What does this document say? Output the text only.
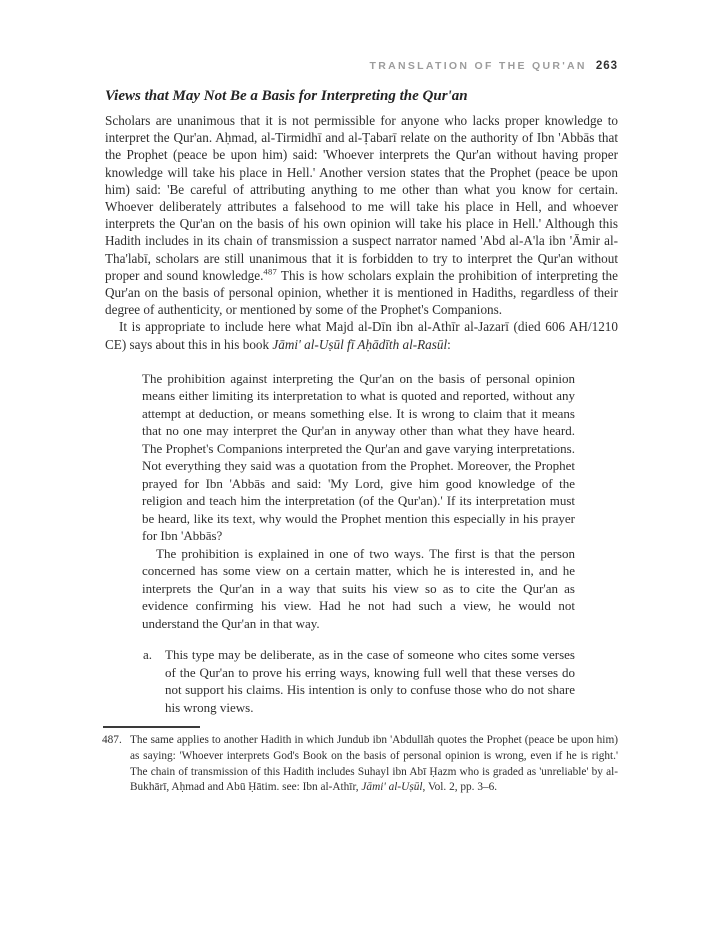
TRANSLATION OF THE QUR'AN 263
Views that May Not Be a Basis for Interpreting the Qur'an

Scholars are unanimous that it is not permissible for anyone who lacks proper knowledge to interpret the Qur'an. Aḥmad, al-Tirmidhī and al-Ṭabarī relate on the authority of Ibn 'Abbās that the Prophet (peace be upon him) said: 'Whoever interprets the Qur'an without having proper knowledge will take his place in Hell.' Another version states that the Prophet (peace be upon him) said: 'Be careful of attributing anything to me other than what you know for certain. Whoever deliberately attributes a falsehood to me will take his place in Hell, and whoever interprets the Qur'an on the basis of his own opinion will take his place in Hell.' Although this Hadith includes in its chain of transmission a suspect narrator named 'Abd al-A'la ibn 'Āmir al-Tha'labī, scholars are still unanimous that it is forbidden to try to interpret the Qur'an without proper and sound knowledge.$^{487}$ This is how scholars explain the prohibition of interpreting the Qur'an on the basis of personal opinion, whether it is mentioned in Hadiths, regardless of their degree of authenticity, or mentioned by some of the Prophet's Companions.

It is appropriate to include here what Majd al-Dīn ibn al-Athīr al-Jazarī (died 606 AH/1210 CE) says about this in his book Jāmi' al-Uṣūl fī Aḥādīth al-Rasūl:

The prohibition against interpreting the Qur'an on the basis of personal opinion means either limiting its interpretation to what is quoted and reported, without any attempt at deduction, or means something else. It is wrong to claim that it means that no one may interpret the Qur'an in anyway other than what they have heard. The Prophet's Companions interpreted the Qur'an and gave varying interpretations. Not everything they said was a quotation from the Prophet. Moreover, the Prophet prayed for Ibn 'Abbās and said: 'My Lord, give him good knowledge of the religion and teach him the interpretation (of the Qur'an).' If its interpretation must be heard, like its text, why would the Prophet mention this especially in his prayer for Ibn 'Abbās?

The prohibition is explained in one of two ways. The first is that the person concerned has some view on a certain matter, which he is interested in, and he interprets the Qur'an in a way that suits his view so as to cite the Qur'an as evidence confirming his view. Had he not had such a view, he would not understand the Qur'an in that way.

a. This type may be deliberate, as in the case of someone who cites some verses of the Qur'an to prove his erring ways, knowing full well that these verses do not support his claims. His intention is only to confuse those who do not share his wrong views.
487. The same applies to another Hadith in which Jundub ibn 'Abdullāh quotes the Prophet (peace be upon him) as saying: 'Whoever interprets God's Book on the basis of personal opinion is wrong, even if he is right.' The chain of transmission of this Hadith includes Suhayl ibn Abī Ḥazm who is graded as 'unreliable' by al-Bukhārī, Aḥmad and Abū Ḥātim. see: Ibn al-Athīr, Jāmi' al-Uṣūl, Vol. 2, pp. 3–6.
